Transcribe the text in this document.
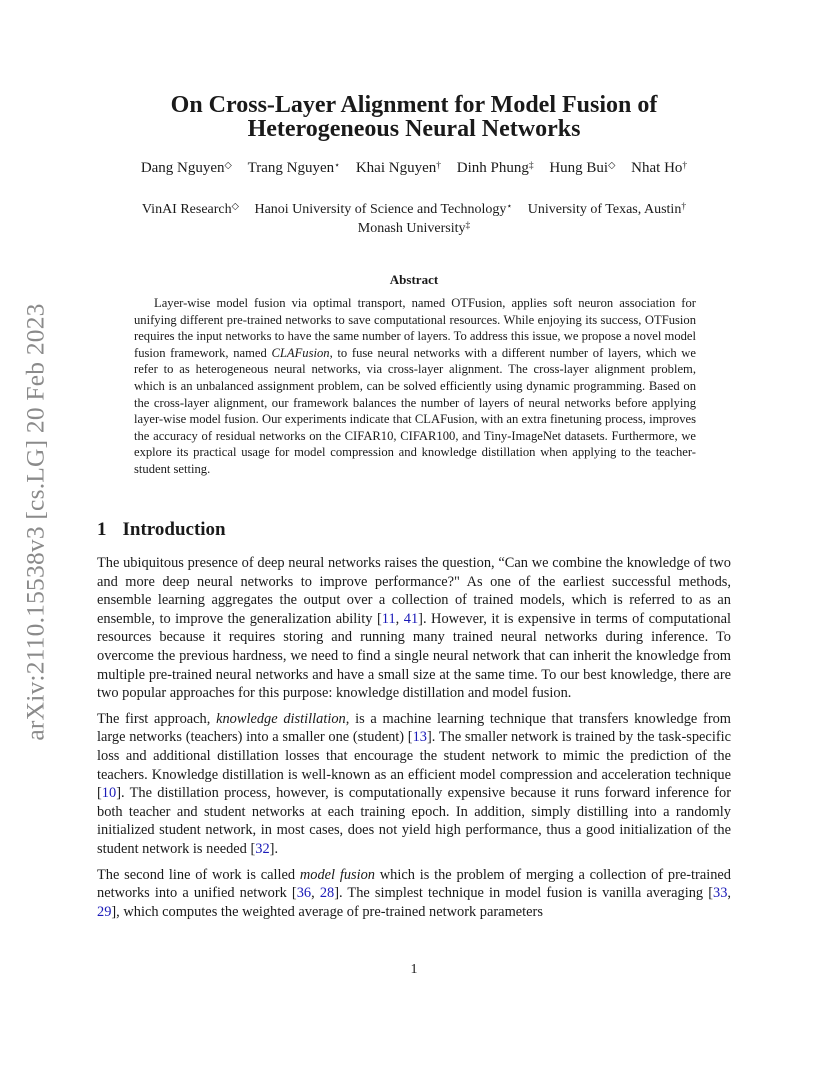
arXiv:2110.15538v3 [cs.LG] 20 Feb 2023
On Cross-Layer Alignment for Model Fusion of Heterogeneous Neural Networks
Dang Nguyen◇ Trang Nguyen⋆ Khai Nguyen† Dinh Phung‡ Hung Bui◇ Nhat Ho†
VinAI Research◇ Hanoi University of Science and Technology⋆ University of Texas, Austin†
Monash University‡
Abstract
Layer-wise model fusion via optimal transport, named OTFusion, applies soft neuron association for unifying different pre-trained networks to save computational resources. While enjoying its success, OTFusion requires the input networks to have the same number of layers. To address this issue, we propose a novel model fusion framework, named CLAFusion, to fuse neural networks with a different number of layers, which we refer to as heterogeneous neural networks, via cross-layer alignment. The cross-layer alignment problem, which is an unbalanced assignment problem, can be solved efficiently using dynamic programming. Based on the cross-layer alignment, our framework balances the number of layers of neural networks before applying layer-wise model fusion. Our experiments indicate that CLAFusion, with an extra finetuning process, improves the accuracy of residual networks on the CIFAR10, CIFAR100, and Tiny-ImageNet datasets. Furthermore, we explore its practical usage for model compression and knowledge distillation when applying to the teacher-student setting.
1 Introduction

The ubiquitous presence of deep neural networks raises the question, “Can we combine the knowledge of two and more deep neural networks to improve performance?" As one of the earliest successful methods, ensemble learning aggregates the output over a collection of trained models, which is referred to as an ensemble, to improve the generalization ability [11, 41]. However, it is expensive in terms of computational resources because it requires storing and running many trained neural networks during inference. To overcome the previous hardness, we need to find a single neural network that can inherit the knowledge from multiple pre-trained neural networks and have a small size at the same time. To our best knowledge, there are two popular approaches for this purpose: knowledge distillation and model fusion.

The first approach, knowledge distillation, is a machine learning technique that transfers knowledge from large networks (teachers) into a smaller one (student) [13]. The smaller network is trained by the task-specific loss and additional distillation losses that encourage the student network to mimic the prediction of the teachers. Knowledge distillation is well-known as an efficient model compression and acceleration technique [10]. The distillation process, however, is computationally expensive because it runs forward inference for both teacher and student networks at each training epoch. In addition, simply distilling into a randomly initialized student network, in most cases, does not yield high performance, thus a good initialization of the student network is needed [32].

The second line of work is called model fusion which is the problem of merging a collection of pre-trained networks into a unified network [36, 28]. The simplest technique in model fusion is vanilla averaging [33, 29], which computes the weighted average of pre-trained network parameters

1
